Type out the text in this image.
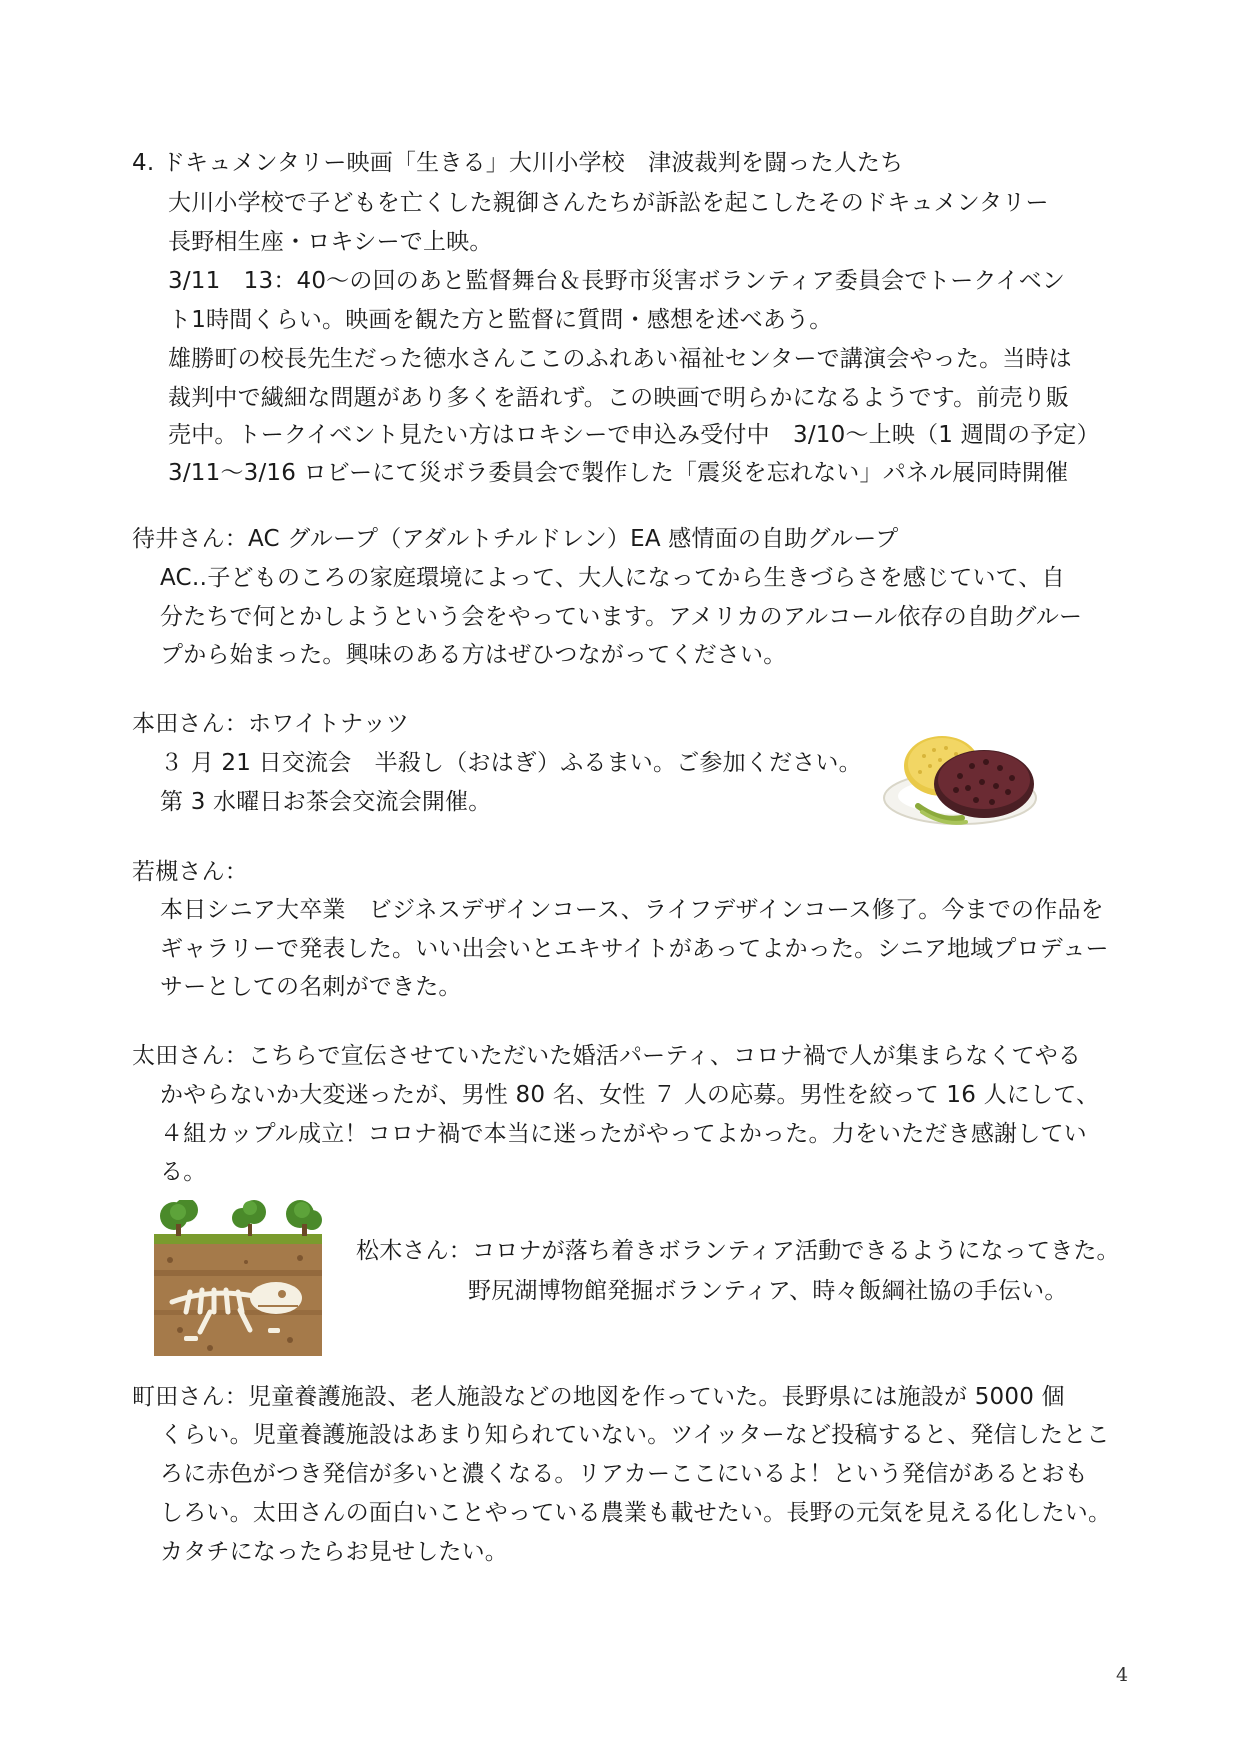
4. ドキュメンタリー映画「生きる」大川小学校　津波裁判を闘った人たち
大川小学校で子どもを亡くした親御さんたちが訴訟を起こしたそのドキュメンタリー
長野相生座・ロキシーで上映。
3/11　13：40～の回のあと監督舞台＆長野市災害ボランティア委員会でトークイベン
ト1時間くらい。映画を観た方と監督に質問・感想を述べあう。
雄勝町の校長先生だった徳水さんここのふれあい福祉センターで講演会やった。当時は
裁判中で繊細な問題があり多くを語れず。この映画で明らかになるようです。前売り販
売中。トークイベント見たい方はロキシーで申込み受付中　3/10～上映（1 週間の予定）
3/11～3/16 ロビーにて災ボラ委員会で製作した「震災を忘れない」パネル展同時開催
待井さん：AC グループ（アダルトチルドレン）EA 感情面の自助グループ
AC‥子どものころの家庭環境によって、大人になってから生きづらさを感じていて、自
分たちで何とかしようという会をやっています。アメリカのアルコール依存の自助グルー
プから始まった。興味のある方はぜひつながってください。
本田さん：ホワイトナッツ
３ 月 21 日交流会　半殺し（おはぎ）ふるまい。ご参加ください。
第 3 水曜日お茶会交流会開催。
若槻さん：
本日シニア大卒業　ビジネスデザインコース、ライフデザインコース修了。今までの作品を
ギャラリーで発表した。いい出会いとエキサイトがあってよかった。シニア地域プロデュー
サーとしての名刺ができた。
太田さん：こちらで宣伝させていただいた婚活パーティ、コロナ禍で人が集まらなくてやる
かやらないか大変迷ったが、男性 80 名、女性 ７ 人の応募。男性を絞って 16 人にして、
４組カップル成立！コロナ禍で本当に迷ったがやってよかった。力をいただき感謝してい
る。
松木さん：コロナが落ち着きボランティア活動できるようになってきた。
野尻湖博物館発掘ボランティア、時々飯綱社協の手伝い。
町田さん：児童養護施設、老人施設などの地図を作っていた。長野県には施設が 5000 個
くらい。児童養護施設はあまり知られていない。ツイッターなど投稿すると、発信したとこ
ろに赤色がつき発信が多いと濃くなる。リアカーここにいるよ！という発信があるとおも
しろい。太田さんの面白いことやっている農業も載せたい。長野の元気を見える化したい。
カタチになったらお見せしたい。
4
